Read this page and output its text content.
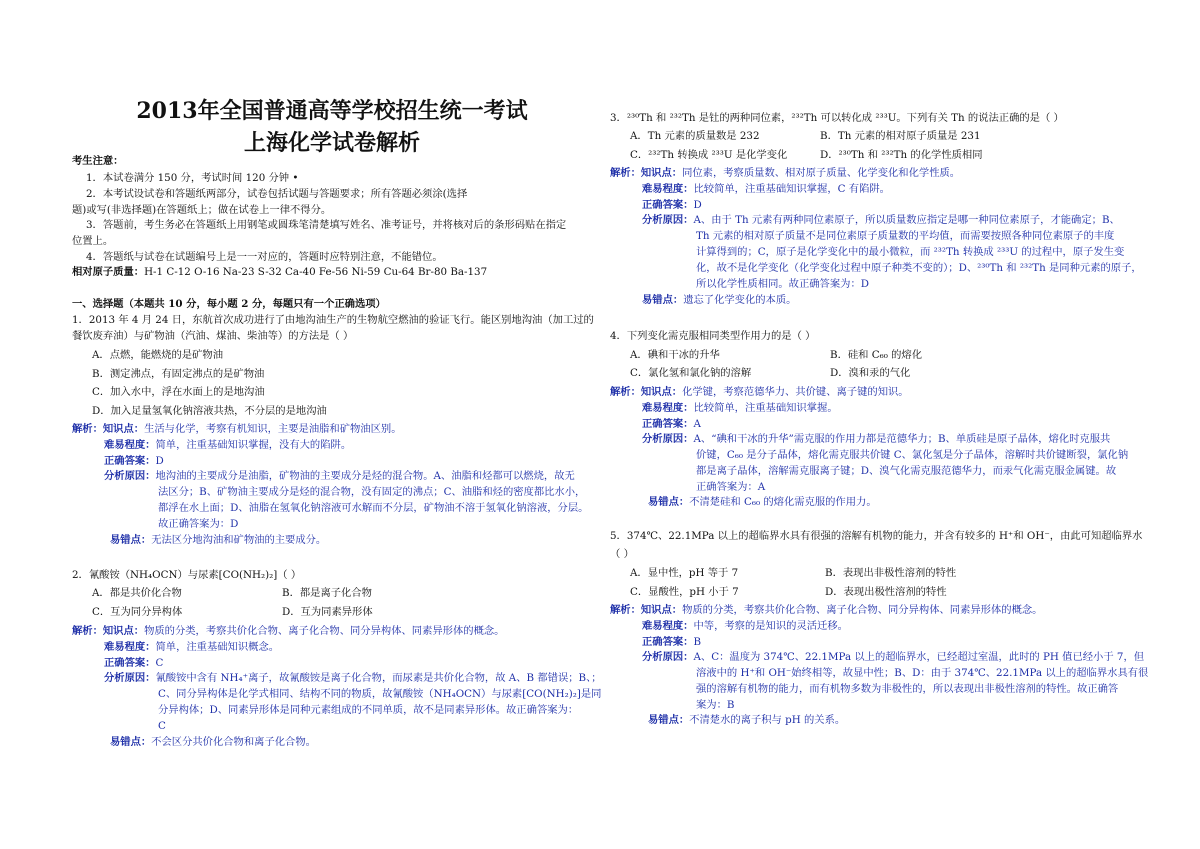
2013年全国普通高等学校招生统一考试
上海化学试卷解析
考生注意：
1．本试卷满分 150 分，考试时间 120 分钟 •
2．本考试设试卷和答题纸两部分，试卷包括试题与答题要求；所有答题必须涂(选择
题)或写(非选择题)在答题纸上；做在试卷上一律不得分。
3．答题前，考生务必在答题纸上用钢笔或圆珠笔清楚填写姓名、准考证号，并将核对后的条形码贴在指定
位置上。
4．答题纸与试卷在试题编号上是一一对应的，答题时应特别注意，不能错位。
相对原子质量：H-1 C-12 O-16 Na-23 S-32 Ca-40 Fe-56 Ni-59 Cu-64 Br-80 Ba-137
一、选择题（本题共 10 分，每小题 2 分，每题只有一个正确选项）
1．2013 年 4 月 24 日，东航首次成功进行了由地沟油生产的生物航空燃油的验证飞行。能区别地沟油（加工过的
餐饮废弃油）与矿物油（汽油、煤油、柴油等）的方法是（ ）
A．点燃，能燃烧的是矿物油
B．测定沸点，有固定沸点的是矿物油
C．加入水中，浮在水面上的是地沟油
D．加入足量氢氧化钠溶液共热，不分层的是地沟油
解析：知识点：生活与化学，考察有机知识，主要是油脂和矿物油区别。
难易程度：简单，注重基础知识掌握，没有大的陷阱。
正确答案：D
分析原因：地沟油的主要成分是油脂，矿物油的主要成分是烃的混合物。A、油脂和烃都可以燃烧，故无
法区分；B、矿物油主要成分是烃的混合物，没有固定的沸点；C、油脂和烃的密度都比水小，
都浮在水上面；D、油脂在氢氧化钠溶液可水解而不分层，矿物油不溶于氢氧化钠溶液，分层。
故正确答案为：D
易错点：无法区分地沟油和矿物油的主要成分。
2．氰酸铵（NH₄OCN）与尿素[CO(NH₂)₂]（ ）
A．都是共价化合物	B．都是离子化合物
C．互为同分异构体	D．互为同素异形体
解析：知识点：物质的分类，考察共价化合物、离子化合物、同分异构体、同素异形体的概念。
难易程度：简单，注重基础知识概念。
正确答案：C
分析原因：氰酸铵中含有 NH₄⁺离子，故氰酸铵是离子化合物，而尿素是共价化合物，故 A、B 都错误；B、；
C、同分异构体是化学式相同、结构不同的物质，故氰酸铵（NH₄OCN）与尿素[CO(NH₂)₂]是同
分异构体；D、同素异形体是同种元素组成的不同单质，故不是同素异形体。故正确答案为：
C
易错点：不会区分共价化合物和离子化合物。
3．²³⁰Th 和 ²³²Th 是钍的两种同位素，²³²Th 可以转化成 ²³³U。下列有关 Th 的说法正确的是（ ）
A．Th 元素的质量数是 232	B．Th 元素的相对原子质量是 231
C．²³²Th 转换成 ²³³U 是化学变化	D．²³⁰Th 和 ²³²Th 的化学性质相同
解析：知识点：同位素，考察质量数、相对原子质量、化学变化和化学性质。
难易程度：比较简单，注重基础知识掌握，C 有陷阱。
正确答案：D
分析原因：A、由于 Th 元素有两种同位素原子，所以质量数应指定是哪一种同位素原子，才能确定；B、
Th 元素的相对原子质量不是同位素原子质量数的平均值，而需要按照各种同位素原子的丰度
计算得到的；C，原子是化学变化中的最小微粒，而 ²³²Th 转换成 ²³³U 的过程中，原子发生变
化，故不是化学变化（化学变化过程中原子种类不变的）；D、²³⁰Th 和 ²³²Th 是同种元素的原子，
所以化学性质相同。故正确答案为：D
易错点：遗忘了化学变化的本质。
4．下列变化需克服相同类型作用力的是（ ）
A．碘和干冰的升华	B．硅和 C₆₀ 的熔化
C．氯化氢和氯化钠的溶解	D．溴和汞的气化
解析：知识点：化学键，考察范德华力、共价键、离子键的知识。
难易程度：比较简单，注重基础知识掌握。
正确答案：A
分析原因：A、“碘和干冰的升华”需克服的作用力都是范德华力；B、单质硅是原子晶体，熔化时克服共
价键，C₆₀ 是分子晶体，熔化需克服共价键 C、氯化氢是分子晶体，溶解时共价键断裂，氯化钠
都是离子晶体，溶解需克服离子键；D、溴气化需克服范德华力，而汞气化需克服金属键。故
正确答案为：A
易错点：不清楚硅和 C₆₀ 的熔化需克服的作用力。
5．374℃、22.1MPa 以上的超临界水具有很强的溶解有机物的能力，并含有较多的 H⁺和 OH⁻，由此可知超临界水
（ ）
A．显中性，pH 等于 7	B．表现出非极性溶剂的特性
C．显酸性，pH 小于 7	D．表现出极性溶剂的特性
解析：知识点：物质的分类，考察共价化合物、离子化合物、同分异构体、同素异形体的概念。
难易程度：中等，考察的是知识的灵活迁移。
正确答案：B
分析原因：A、C：温度为 374℃、22.1MPa 以上的超临界水，已经超过室温，此时的 PH 值已经小于 7，但
溶液中的 H⁺和 OH⁻始终相等，故显中性；B、D：由于 374℃、22.1MPa 以上的超临界水具有很
强的溶解有机物的能力，而有机物多数为非极性的，所以表现出非极性溶剂的特性。故正确答
案为：B
易错点：不清楚水的离子积与 pH 的关系。
